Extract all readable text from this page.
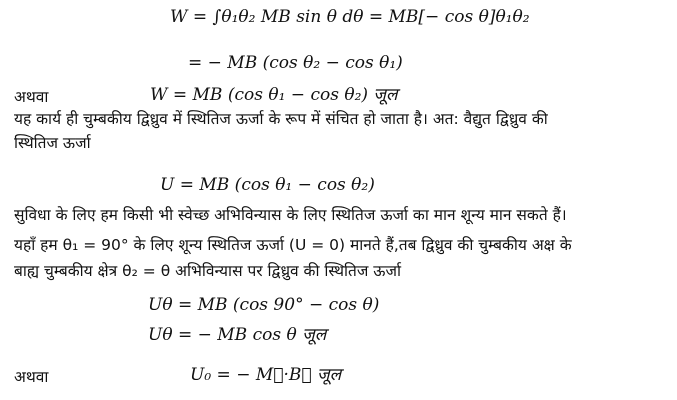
W = ∫θ₁θ₂ MB sin θ dθ = MB[− cos θ]θ₁θ₂
= − MB (cos θ₂ − cos θ₁)
अथवा	W = MB (cos θ₁ − cos θ₂) जूल
यह कार्य ही चुम्बकीय द्विध्रुव में स्थितिज ऊर्जा के रूप में संचित हो जाता है। अत: वैद्युत द्विध्रुव की
स्थितिज ऊर्जा
U = MB (cos θ₁ − cos θ₂)
सुविधा के लिए हम किसी भी स्वेच्छ अभिविन्यास के लिए स्थितिज ऊर्जा का मान शून्य मान सकते हैं।
यहाँ हम θ₁ = 90° के लिए शून्य स्थितिज ऊर्जा (U = 0) मानते हैं,तब द्विध्रुव की चुम्बकीय अक्ष के
बाह्य चुम्बकीय क्षेत्र θ₂ = θ अभिविन्यास पर द्विध्रुव की स्थितिज ऊर्जा
Uθ = MB (cos 90° − cos θ)
Uθ = − MB cos θ जूल
अथवा	U₀ = − M⃗·B⃗ जूल
